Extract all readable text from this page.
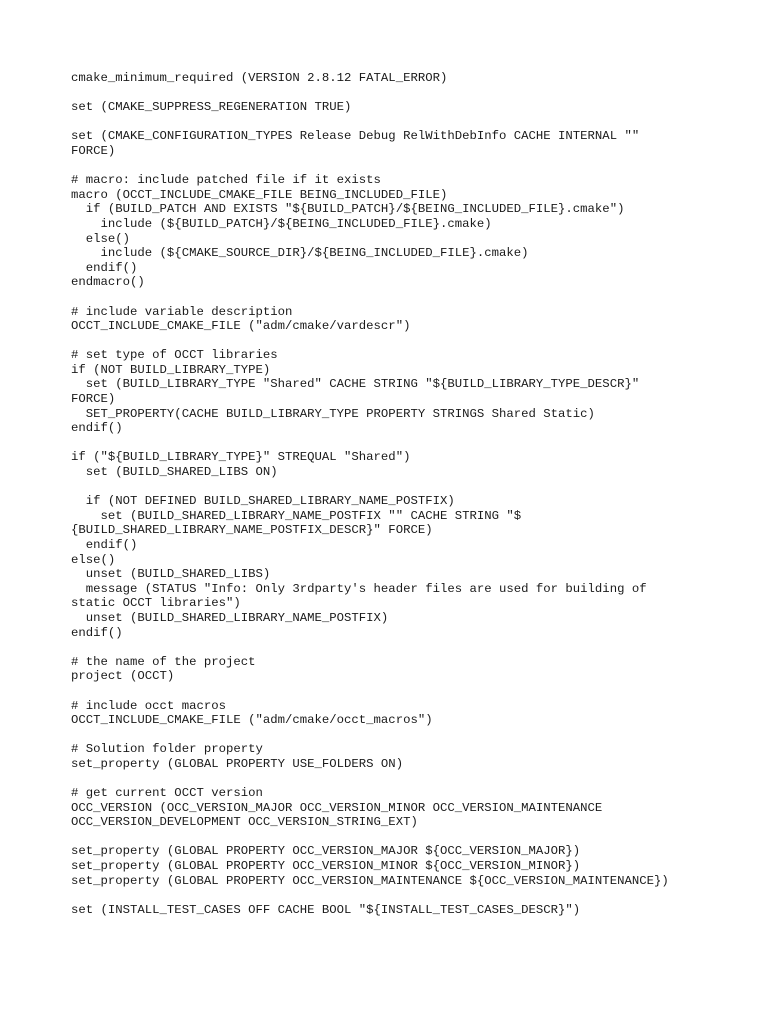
cmake_minimum_required (VERSION 2.8.12 FATAL_ERROR)
set (CMAKE_SUPPRESS_REGENERATION TRUE)
set (CMAKE_CONFIGURATION_TYPES Release Debug RelWithDebInfo CACHE INTERNAL ""
FORCE)
# macro: include patched file if it exists
macro (OCCT_INCLUDE_CMAKE_FILE BEING_INCLUDED_FILE)
if (BUILD_PATCH AND EXISTS "${BUILD_PATCH}/${BEING_INCLUDED_FILE}.cmake")
include (${BUILD_PATCH}/${BEING_INCLUDED_FILE}.cmake)
else()
include (${CMAKE_SOURCE_DIR}/${BEING_INCLUDED_FILE}.cmake)
endif()
endmacro()
# include variable description
OCCT_INCLUDE_CMAKE_FILE ("adm/cmake/vardescr")
# set type of OCCT libraries
if (NOT BUILD_LIBRARY_TYPE)
set (BUILD_LIBRARY_TYPE "Shared" CACHE STRING "${BUILD_LIBRARY_TYPE_DESCR}"
FORCE)
SET_PROPERTY(CACHE BUILD_LIBRARY_TYPE PROPERTY STRINGS Shared Static)
endif()
if ("${BUILD_LIBRARY_TYPE}" STREQUAL "Shared")
set (BUILD_SHARED_LIBS ON)
if (NOT DEFINED BUILD_SHARED_LIBRARY_NAME_POSTFIX)
set (BUILD_SHARED_LIBRARY_NAME_POSTFIX "" CACHE STRING "$
{BUILD_SHARED_LIBRARY_NAME_POSTFIX_DESCR}" FORCE)
endif()
else()
unset (BUILD_SHARED_LIBS)
message (STATUS "Info: Only 3rdparty's header files are used for building of
static OCCT libraries")
unset (BUILD_SHARED_LIBRARY_NAME_POSTFIX)
endif()
# the name of the project
project (OCCT)
# include occt macros
OCCT_INCLUDE_CMAKE_FILE ("adm/cmake/occt_macros")
# Solution folder property
set_property (GLOBAL PROPERTY USE_FOLDERS ON)
# get current OCCT version
OCC_VERSION (OCC_VERSION_MAJOR OCC_VERSION_MINOR OCC_VERSION_MAINTENANCE
OCC_VERSION_DEVELOPMENT OCC_VERSION_STRING_EXT)
set_property (GLOBAL PROPERTY OCC_VERSION_MAJOR ${OCC_VERSION_MAJOR})
set_property (GLOBAL PROPERTY OCC_VERSION_MINOR ${OCC_VERSION_MINOR})
set_property (GLOBAL PROPERTY OCC_VERSION_MAINTENANCE ${OCC_VERSION_MAINTENANCE})
set (INSTALL_TEST_CASES OFF CACHE BOOL "${INSTALL_TEST_CASES_DESCR}")
